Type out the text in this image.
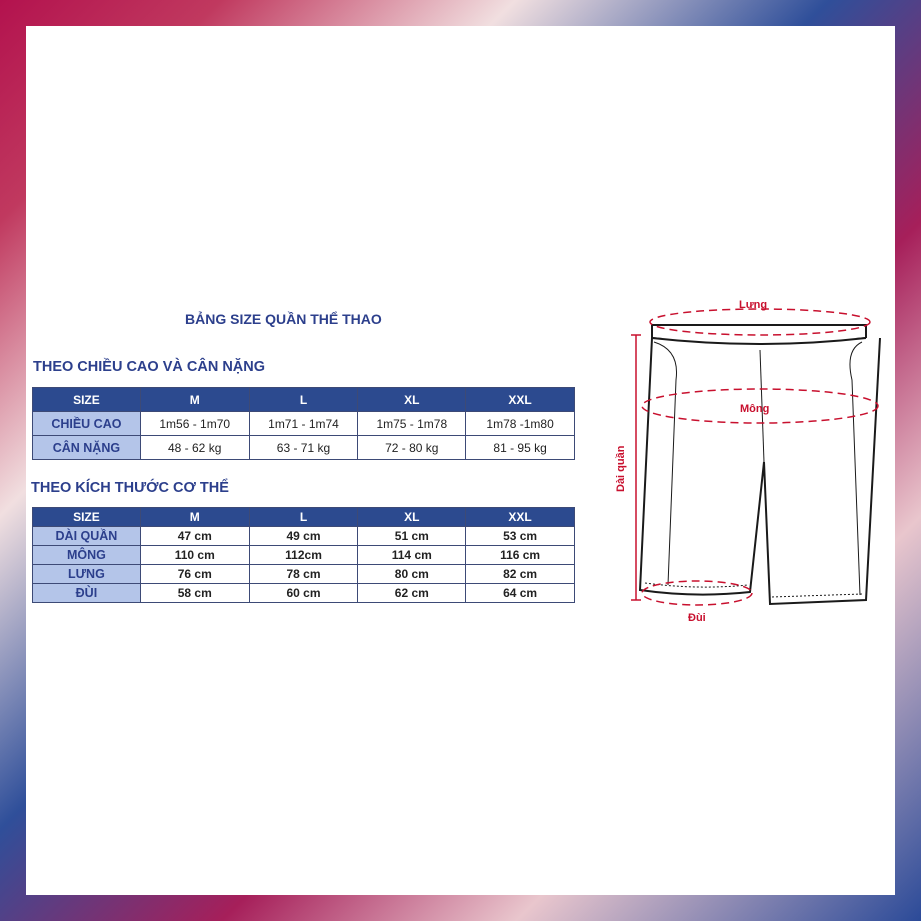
BẢNG SIZE QUẦN THỂ THAO
THEO CHIỀU CAO VÀ CÂN NẶNG
SIZE	M	L	XL	XXL
CHIỀU CAO	1m56 - 1m70	1m71 - 1m74	1m75 - 1m78	1m78 -1m80
CÂN NẶNG	48 - 62 kg	63 - 71 kg	72 - 80 kg	81 - 95 kg
THEO KÍCH THƯỚC CƠ THỂ
SIZE	M	L	XL	XXL
DÀI QUẦN	47 cm	49 cm	51 cm	53 cm
MÔNG	110 cm	112cm	114 cm	116 cm
LƯNG	76 cm	78 cm	80 cm	82 cm
ĐÙI	58 cm	60 cm	62 cm	64 cm
Lưng
Mông
Đùi
Dài quần
